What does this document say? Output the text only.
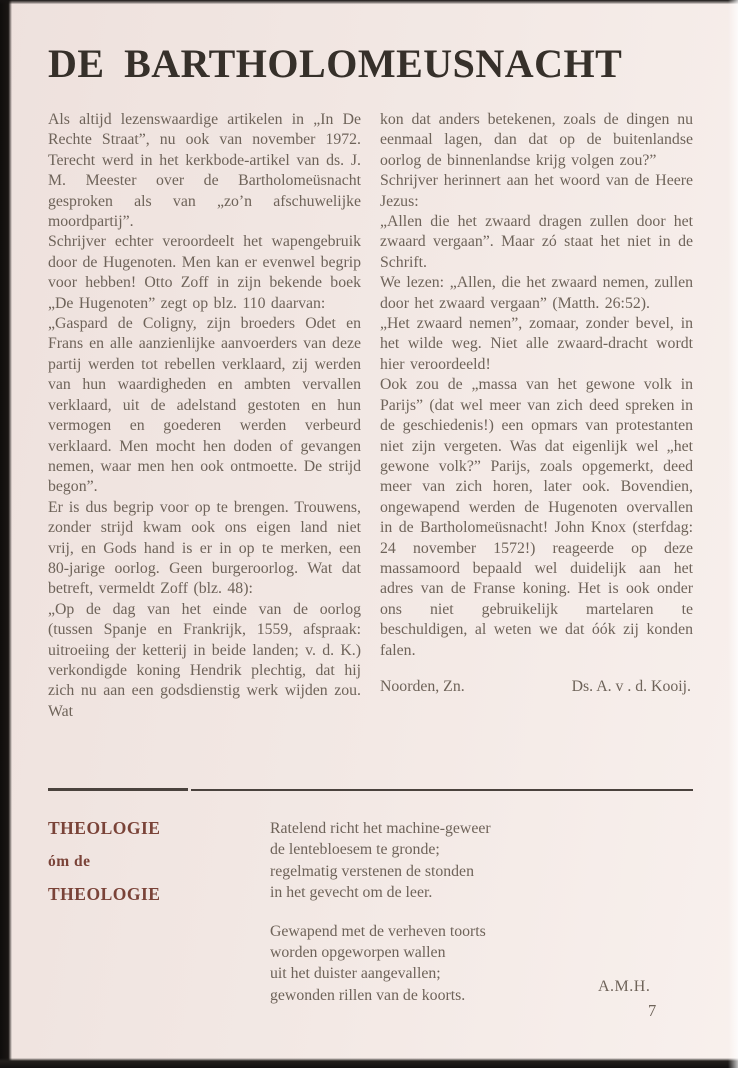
DE BARTHOLOMEUSNACHT

Als altijd lezenswaardige artikelen in „In De Rechte Straat”, nu ook van november 1972. Terecht werd in het kerkbode-artikel van ds. J. M. Meester over de Bartholomeüsnacht gesproken als van „zo’n afschuwelijke moordpartij”.

Schrijver echter veroordeelt het wapengebruik door de Hugenoten. Men kan er evenwel begrip voor hebben! Otto Zoff in zijn bekende boek „De Hugenoten” zegt op blz. 110 daarvan:

„Gaspard de Coligny, zijn broeders Odet en Frans en alle aanzienlijke aanvoerders van deze partij werden tot rebellen verklaard, zij werden van hun waardigheden en ambten vervallen verklaard, uit de adelstand gestoten en hun vermogen en goederen werden verbeurd verklaard. Men mocht hen doden of gevangen nemen, waar men hen ook ontmoette. De strijd begon”.

Er is dus begrip voor op te brengen. Trouwens, zonder strijd kwam ook ons eigen land niet vrij, en Gods hand is er in op te merken, een 80-jarige oorlog. Geen burgeroorlog. Wat dat betreft, vermeldt Zoff (blz. 48):

„Op de dag van het einde van de oorlog (tussen Spanje en Frankrijk, 1559, afspraak: uitroeiing der ketterij in beide landen; v. d. K.) verkondigde koning Hendrik plechtig, dat hij zich nu aan een godsdienstig werk wijden zou. Wat

kon dat anders betekenen, zoals de dingen nu eenmaal lagen, dan dat op de buitenlandse oorlog de binnenlandse krijg volgen zou?”

Schrijver herinnert aan het woord van de Heere Jezus:

„Allen die het zwaard dragen zullen door het zwaard vergaan”. Maar zó staat het niet in de Schrift.

We lezen: „Allen, die het zwaard nemen, zullen door het zwaard vergaan” (Matth. 26:52).

„Het zwaard nemen”, zomaar, zonder bevel, in het wilde weg. Niet alle zwaard-dracht wordt hier veroordeeld!

Ook zou de „massa van het gewone volk in Parijs” (dat wel meer van zich deed spreken in de geschiedenis!) een opmars van protestanten niet zijn vergeten. Was dat eigenlijk wel „het gewone volk?” Parijs, zoals opgemerkt, deed meer van zich horen, later ook. Bovendien, ongewapend werden de Hugenoten overvallen in de Bartholomeüsnacht! John Knox (sterfdag: 24 november 1572!) reageerde op deze massamoord bepaald wel duidelijk aan het adres van de Franse koning. Het is ook onder ons niet gebruikelijk martelaren te beschuldigen, al weten we dat óók zij konden falen.

Noorden, Zn.	Ds. A. v . d. Kooij.
THEOLOGIE
óm de
THEOLOGIE
Ratelend richt het machine-geweer
de lentebloesem te gronde;
regelmatig verstenen de stonden
in het gevecht om de leer.
Gewapend met de verheven toorts
worden opgeworpen wallen
uit het duister aangevallen;
gewonden rillen van de koorts.
A.M.H.
7
